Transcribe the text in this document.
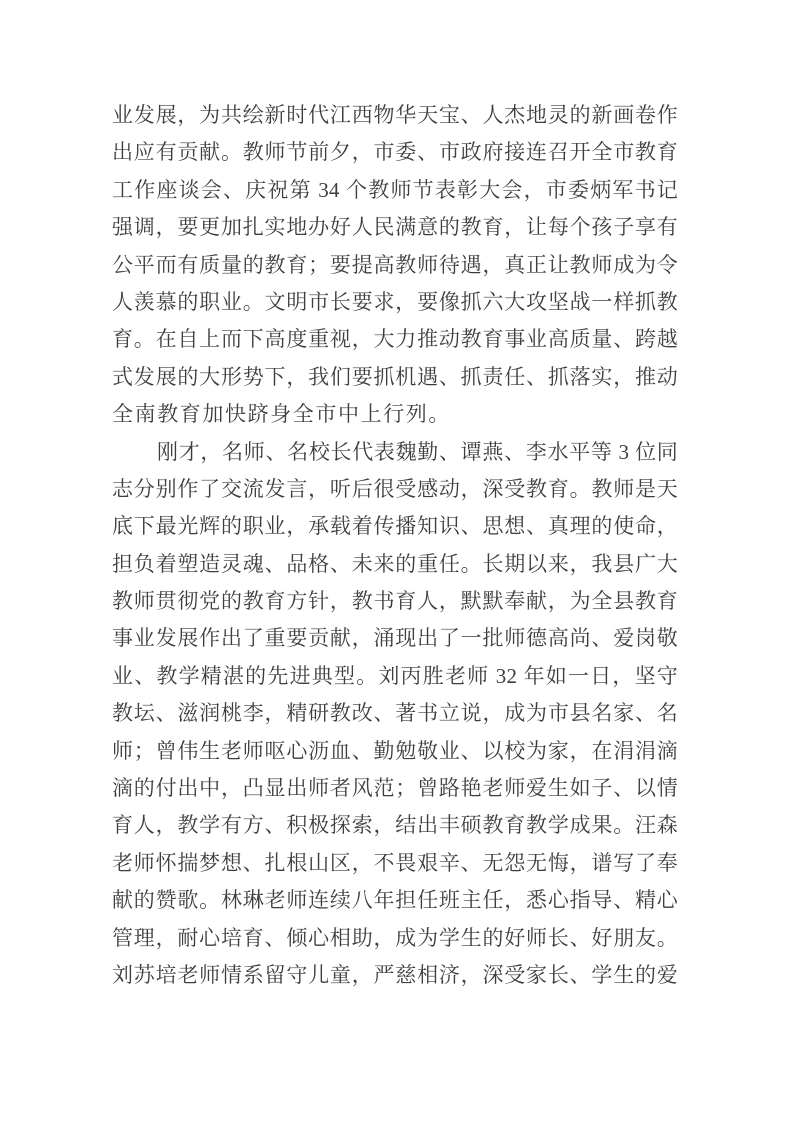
业发展，为共绘新时代江西物华天宝、人杰地灵的新画卷作
出应有贡献。教师节前夕，市委、市政府接连召开全市教育
工作座谈会、庆祝第 34 个教师节表彰大会，市委炳军书记
强调，要更加扎实地办好人民满意的教育，让每个孩子享有
公平而有质量的教育；要提高教师待遇，真正让教师成为令
人羡慕的职业。文明市长要求，要像抓六大攻坚战一样抓教
育。在自上而下高度重视，大力推动教育事业高质量、跨越
式发展的大形势下，我们要抓机遇、抓责任、抓落实，推动
全南教育加快跻身全市中上行列。
刚才，名师、名校长代表魏勤、谭燕、李水平等 3 位同
志分别作了交流发言，听后很受感动，深受教育。教师是天
底下最光辉的职业，承载着传播知识、思想、真理的使命，
担负着塑造灵魂、品格、未来的重任。长期以来，我县广大
教师贯彻党的教育方针，教书育人，默默奉献，为全县教育
事业发展作出了重要贡献，涌现出了一批师德高尚、爱岗敬
业、教学精湛的先进典型。刘丙胜老师 32 年如一日，坚守
教坛、滋润桃李，精研教改、著书立说，成为市县名家、名
师；曾伟生老师呕心沥血、勤勉敬业、以校为家，在涓涓滴
滴的付出中，凸显出师者风范；曾路艳老师爱生如子、以情
育人，教学有方、积极探索，结出丰硕教育教学成果。汪森
老师怀揣梦想、扎根山区，不畏艰辛、无怨无悔，谱写了奉
献的赞歌。林琳老师连续八年担任班主任，悉心指导、精心
管理，耐心培育、倾心相助，成为学生的好师长、好朋友。
刘苏培老师情系留守儿童，严慈相济，深受家长、学生的爱
